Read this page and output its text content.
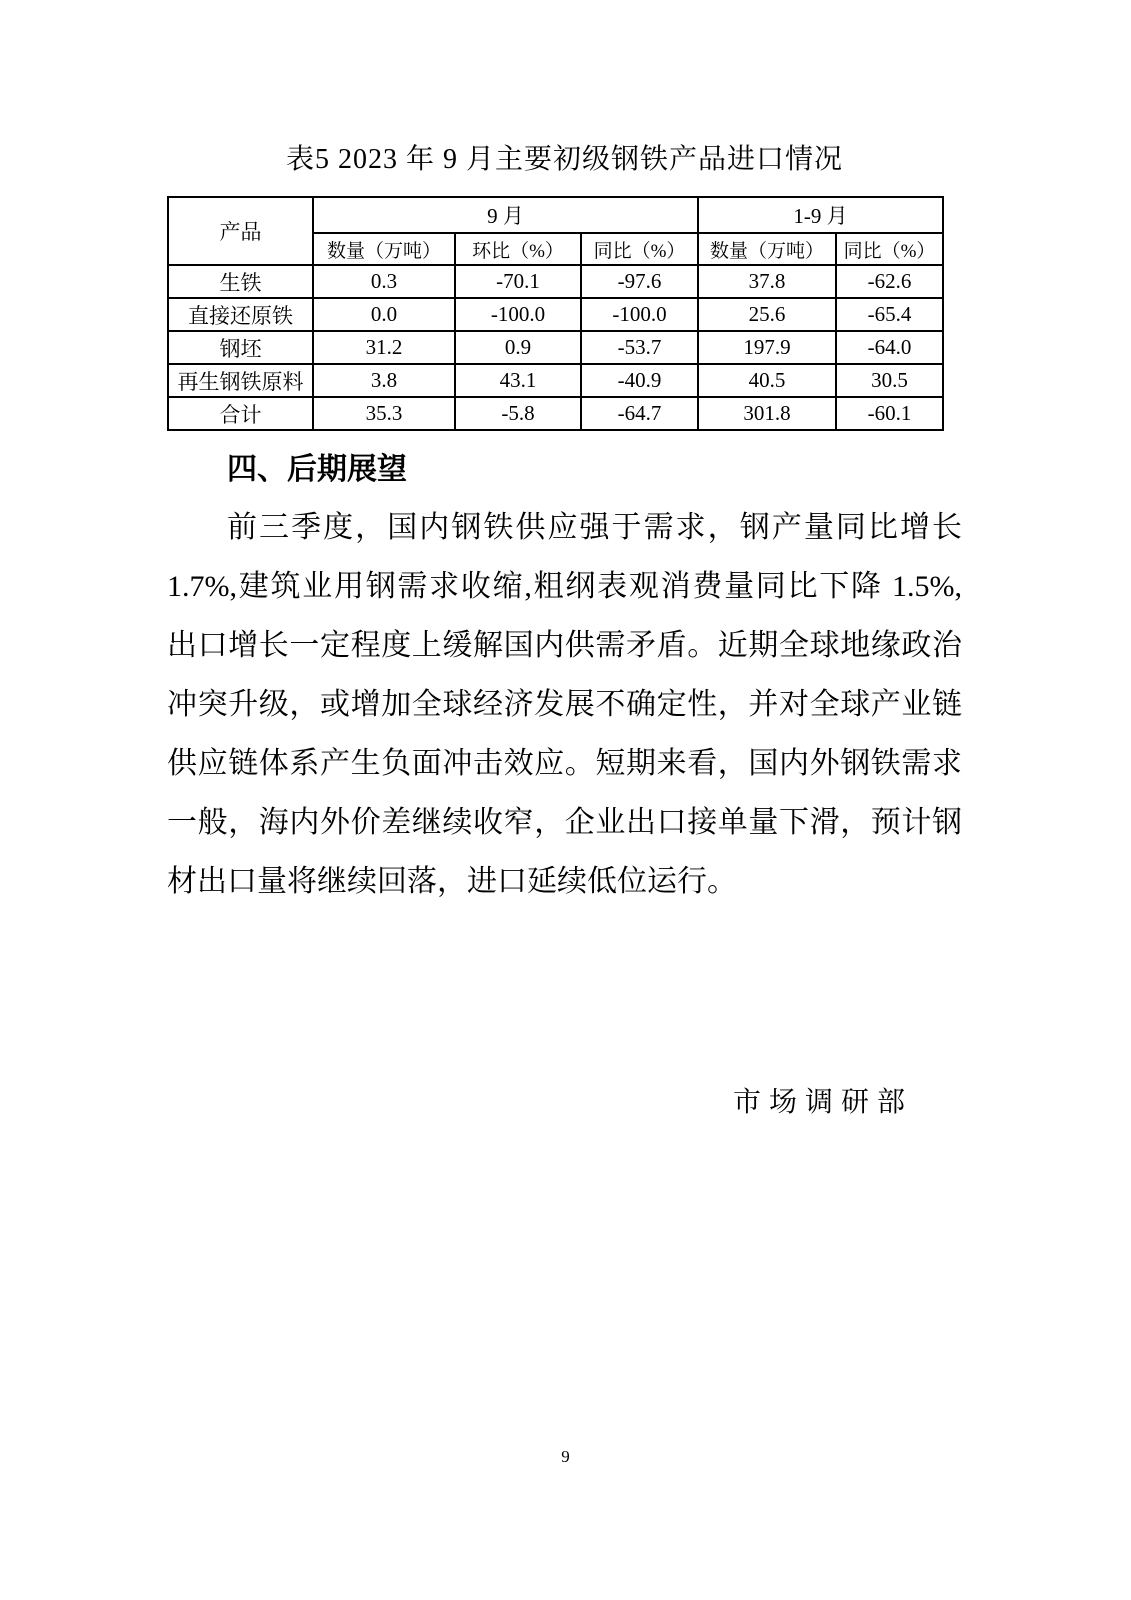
表5 2023 年 9 月主要初级钢铁产品进口情况
产品	9 月			1-9 月	
	数量（万吨）	环比（%）	同比（%）	数量（万吨）	同比（%）
生铁	0.3	-70.1	-97.6	37.8	-62.6
直接还原铁	0.0	-100.0	-100.0	25.6	-65.4
钢坯	31.2	0.9	-53.7	197.9	-64.0
再生钢铁原料	3.8	43.1	-40.9	40.5	30.5
合计	35.3	-5.8	-64.7	301.8	-60.1
四、后期展望
前三季度，国内钢铁供应强于需求，钢产量同比增长
1.7%,建筑业用钢需求收缩,粗纲表观消费量同比下降 1.5%,
出口增长一定程度上缓解国内供需矛盾。近期全球地缘政治
冲突升级，或增加全球经济发展不确定性，并对全球产业链
供应链体系产生负面冲击效应。短期来看，国内外钢铁需求
一般，海内外价差继续收窄，企业出口接单量下滑，预计钢
材出口量将继续回落，进口延续低位运行。
市场调研部
9
